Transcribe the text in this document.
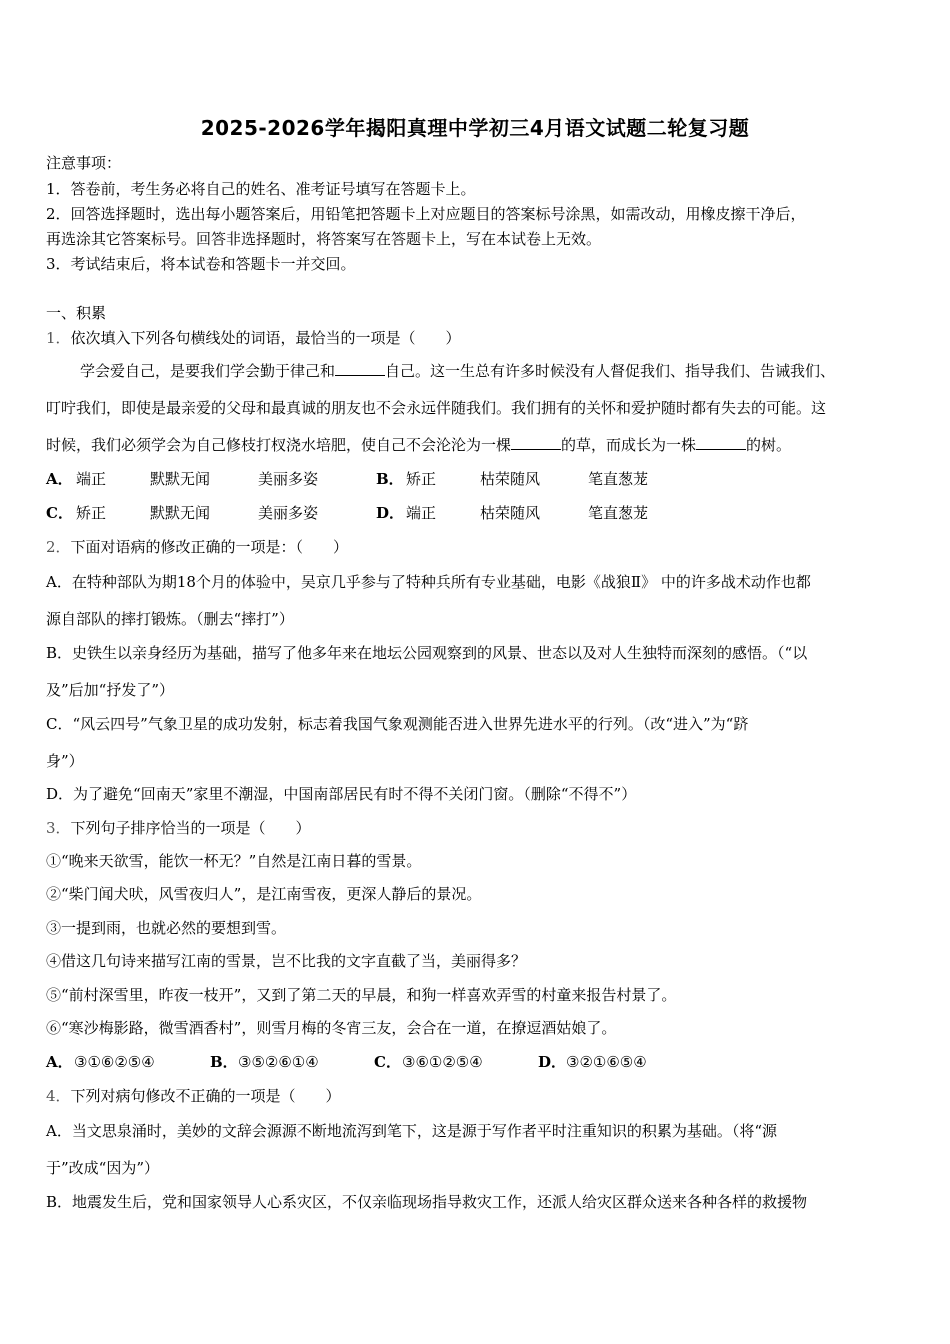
2025-2026学年揭阳真理中学初三4月语文试题二轮复习题
注意事项：
1．答卷前，考生务必将自己的姓名、准考证号填写在答题卡上。
2．回答选择题时，选出每小题答案后，用铅笔把答题卡上对应题目的答案标号涂黑，如需改动，用橡皮擦干净后，
再选涂其它答案标号。回答非选择题时，将答案写在答题卡上，写在本试卷上无效。
3．考试结束后，将本试卷和答题卡一并交回。
一、积累
1．依次填入下列各句横线处的词语，最恰当的一项是（　　）
学会爱自己，是要我们学会勤于律己和	自己。这一生总有许多时候没有人督促我们、指导我们、告诫我们、
叮咛我们，即使是最亲爱的父母和最真诚的朋友也不会永远伴随我们。我们拥有的关怀和爱护随时都有失去的可能。这
时候，我们必须学会为自己修枝打杈浇水培肥，使自己不会沦沦为一棵	的草，而成长为一株	的树。
A． 端正	默默无闻	美丽多姿	B． 矫正	枯荣随风	笔直葱茏
C． 矫正	默默无闻	美丽多姿	D． 端正	枯荣随风	笔直葱茏
2．下面对语病的修改正确的一项是：（　　）
A．在特种部队为期18个月的体验中，吴京几乎参与了特种兵所有专业基础，电影《战狼Ⅱ》 中的许多战术动作也都
源自部队的摔打锻炼。（删去“摔打”）
B．史铁生以亲身经历为基础，描写了他多年来在地坛公园观察到的风景、世态以及对人生独特而深刻的感悟。（“以
及”后加“抒发了”）
C．“风云四号”气象卫星的成功发射，标志着我国气象观测能否进入世界先进水平的行列。（改“进入”为“跻
身”）
D．为了避免“回南天”家里不潮湿，中国南部居民有时不得不关闭门窗。（删除“不得不”）
3．下列句子排序恰当的一项是（　　）
①“晚来天欲雪，能饮一杯无？”自然是江南日暮的雪景。
②“柴门闻犬吠，风雪夜归人”，是江南雪夜，更深人静后的景况。
③一提到雨，也就必然的要想到雪。
④借这几句诗来描写江南的雪景，岂不比我的文字直截了当，美丽得多？
⑤“前村深雪里，昨夜一枝开”，又到了第二天的早晨，和狗一样喜欢弄雪的村童来报告村景了。
⑥“寒沙梅影路，微雪酒香村”，则雪月梅的冬宵三友，会合在一道，在撩逗酒姑娘了。
A．③①⑥②⑤④	B．③⑤②⑥①④	C．③⑥①②⑤④	D．③②①⑥⑤④
4．下列对病句修改不正确的一项是（　　）
A．当文思泉涌时，美妙的文辞会源源不断地流泻到笔下，这是源于写作者平时注重知识的积累为基础。（将“源
于”改成“因为”）
B．地震发生后，党和国家领导人心系灾区，不仅亲临现场指导救灾工作，还派人给灾区群众送来各种各样的救援物
